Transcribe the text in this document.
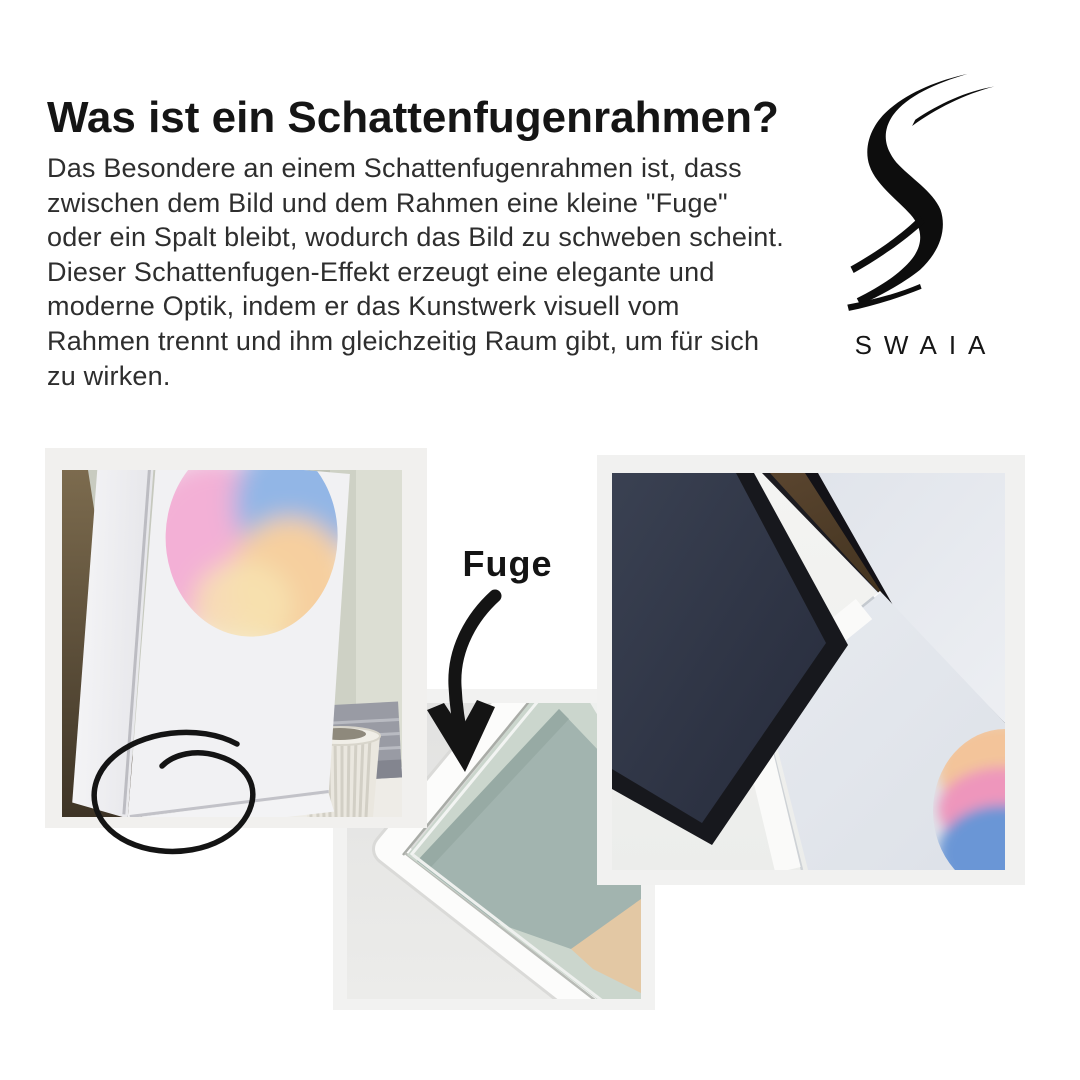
Was ist ein Schattenfugenrahmen?

Das Besondere an einem Schattenfugenrahmen ist, dass zwischen dem Bild und dem Rahmen eine kleine "Fuge" oder ein Spalt bleibt, wodurch das Bild zu schweben scheint. Dieser Schattenfugen-Effekt erzeugt eine elegante und moderne Optik, indem er das Kunstwerk visuell vom Rahmen trennt und ihm gleichzeitig Raum gibt, um für sich zu wirken.

SWAIA
Fuge
